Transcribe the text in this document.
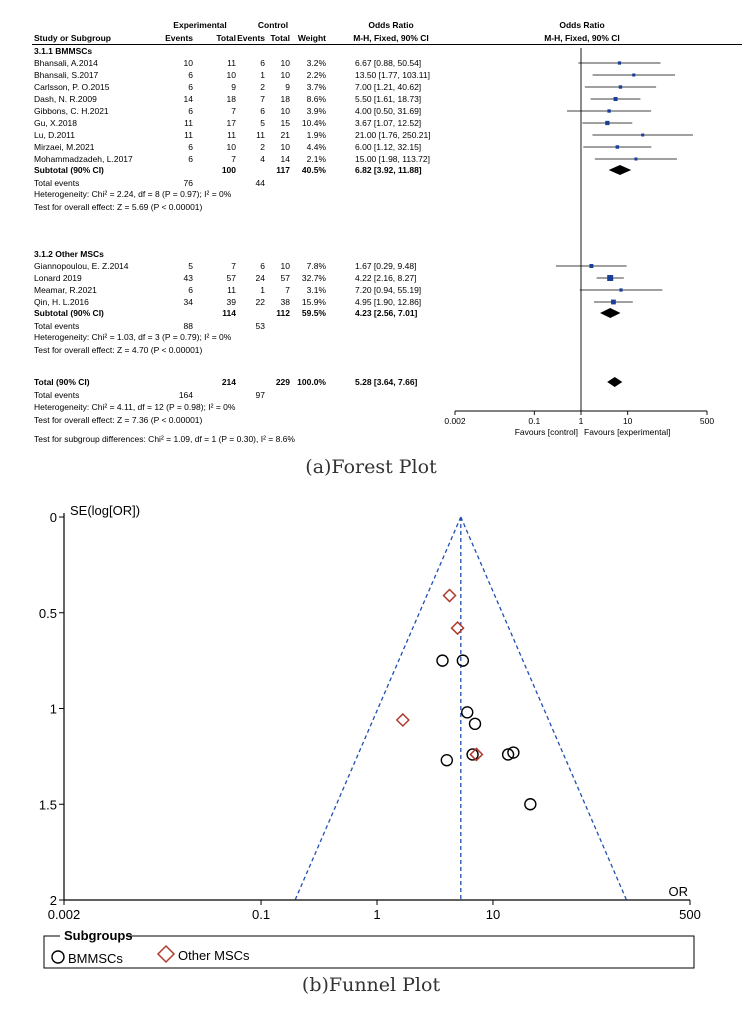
Experimental	Control	Odds Ratio	Odds Ratio
Study or Subgroup	Events	Total Events Total Weight	M-H, Fixed, 90% CI	M-H, Fixed, 90% CI
3.1.1 BMMSCs
Bhansali, A.2014	10	11	6 10 3.2%	6.67 [0.88, 50.54]
Bhansali, S.2017	6	10	1 10 2.2%	13.50 [1.77, 103.11]
Carlsson, P. O.2015	6	9	2 9 3.7%	7.00 [1.21, 40.62]
Dash, N. R.2009	14	18	7 18 8.6%	5.50 [1.61, 18.73]
Gibbons, C. H.2021	6	7	6 10 3.9%	4.00 [0.50, 31.69]
Gu, X.2018	11	17	5 15 10.4%	3.67 [1.07, 12.52]
Lu, D.2011	11	11 11 21 1.9%	21.00 [1.76, 250.21]
Mirzaei, M.2021	6	10	2 10 4.4%	6.00 [1.12, 32.15]
Mohammadzadeh, L.2017	6	7	4 14 2.1%	15.00 [1.98, 113.72]
Subtotal (90% CI)	100	117 40.5%	6.82 [3.92, 11.88]
Total events	76	44
Heterogeneity: Chi² = 2.24, df = 8 (P = 0.97); I² = 0%
Test for overall effect: Z = 5.69 (P < 0.00001)
3.1.2 Other MSCs
Giannopoulou, E. Z.2014	5	7	6 10 7.8%	1.67 [0.29, 9.48]
Lonard 2019	43	57 24 57 32.7%	4.22 [2.16, 8.27]
Meamar, R.2021	6	11	1 7 3.1%	7.20 [0.94, 55.19]
Qin, H. L.2016	34	39 22 38 15.9%	4.95 [1.90, 12.86]
Subtotal (90% CI)	114	112 59.5%	4.23 [2.56, 7.01]
Total events	88	53
Heterogeneity: Chi² = 1.03, df = 3 (P = 0.79); I² = 0%
Test for overall effect: Z = 4.70 (P < 0.00001)
Total (90% CI)	214	229 100.0%	5.28 [3.64, 7.66]
Total events	164	97
Heterogeneity: Chi² = 4.11, df = 12 (P = 0.98); I² = 0%
Test for overall effect: Z = 7.36 (P < 0.00001)
Test for subgroup differences: Chi² = 1.09, df = 1 (P = 0.30), I² = 8.6%
0.002	0.1	1	10	500
Favours [control] Favours [experimental]
(a)Forest Plot
0
0.5
1
1.5
2
0.002	0.1	1	10	500
SE(log[OR])
OR
Subgroups
BMMSCs	Other MSCs
(b)Funnel Plot
